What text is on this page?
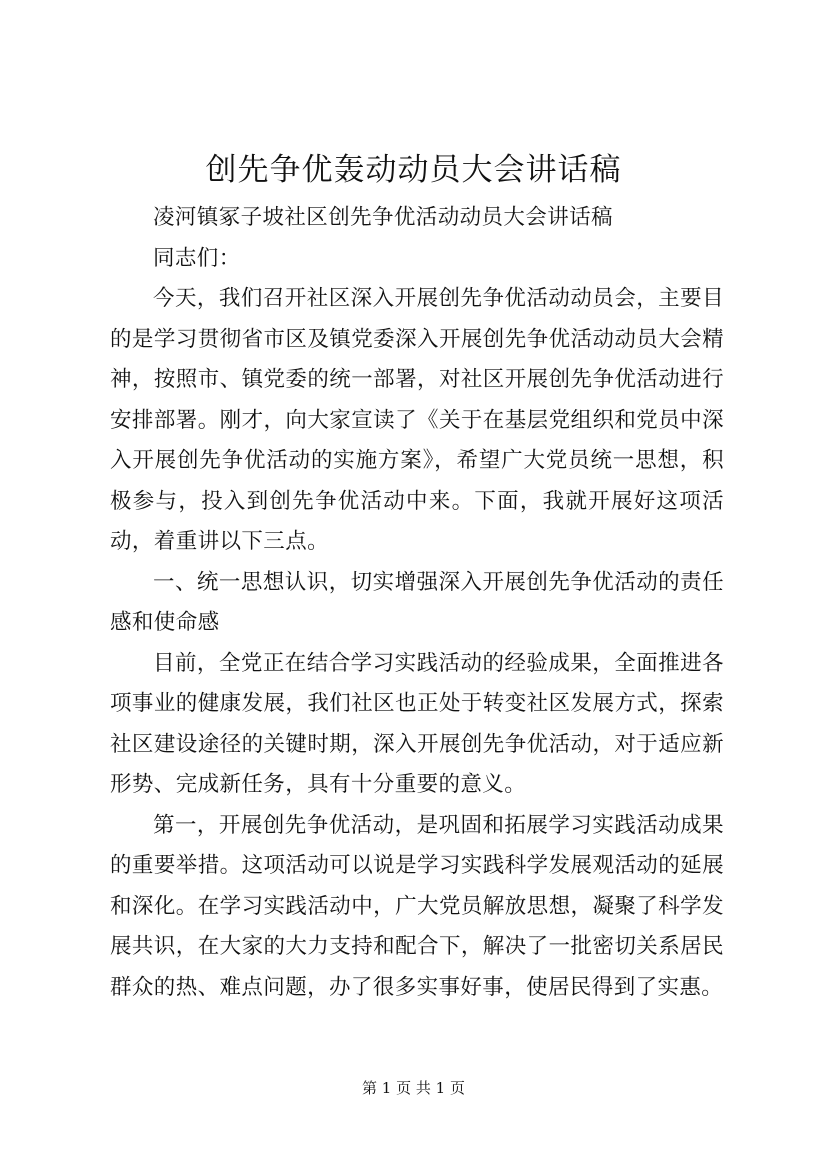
创先争优轰动动员大会讲话稿

凌河镇冢子坡社区创先争优活动动员大会讲话稿

同志们：

今天，我们召开社区深入开展创先争优活动动员会，主要目的是学习贯彻省市区及镇党委深入开展创先争优活动动员大会精神，按照市、镇党委的统一部署，对社区开展创先争优活动进行安排部署。刚才，向大家宣读了《关于在基层党组织和党员中深入开展创先争优活动的实施方案》，希望广大党员统一思想，积极参与，投入到创先争优活动中来。下面，我就开展好这项活动，着重讲以下三点。

一、统一思想认识，切实增强深入开展创先争优活动的责任感和使命感

目前，全党正在结合学习实践活动的经验成果，全面推进各项事业的健康发展，我们社区也正处于转变社区发展方式，探索社区建设途径的关键时期，深入开展创先争优活动，对于适应新形势、完成新任务，具有十分重要的意义。

第一，开展创先争优活动，是巩固和拓展学习实践活动成果的重要举措。这项活动可以说是学习实践科学发展观活动的延展和深化。在学习实践活动中，广大党员解放思想，凝聚了科学发展共识，在大家的大力支持和配合下，解决了一批密切关系居民群众的热、难点问题，办了很多实事好事，使居民得到了实惠。

第 1 页 共 1 页
